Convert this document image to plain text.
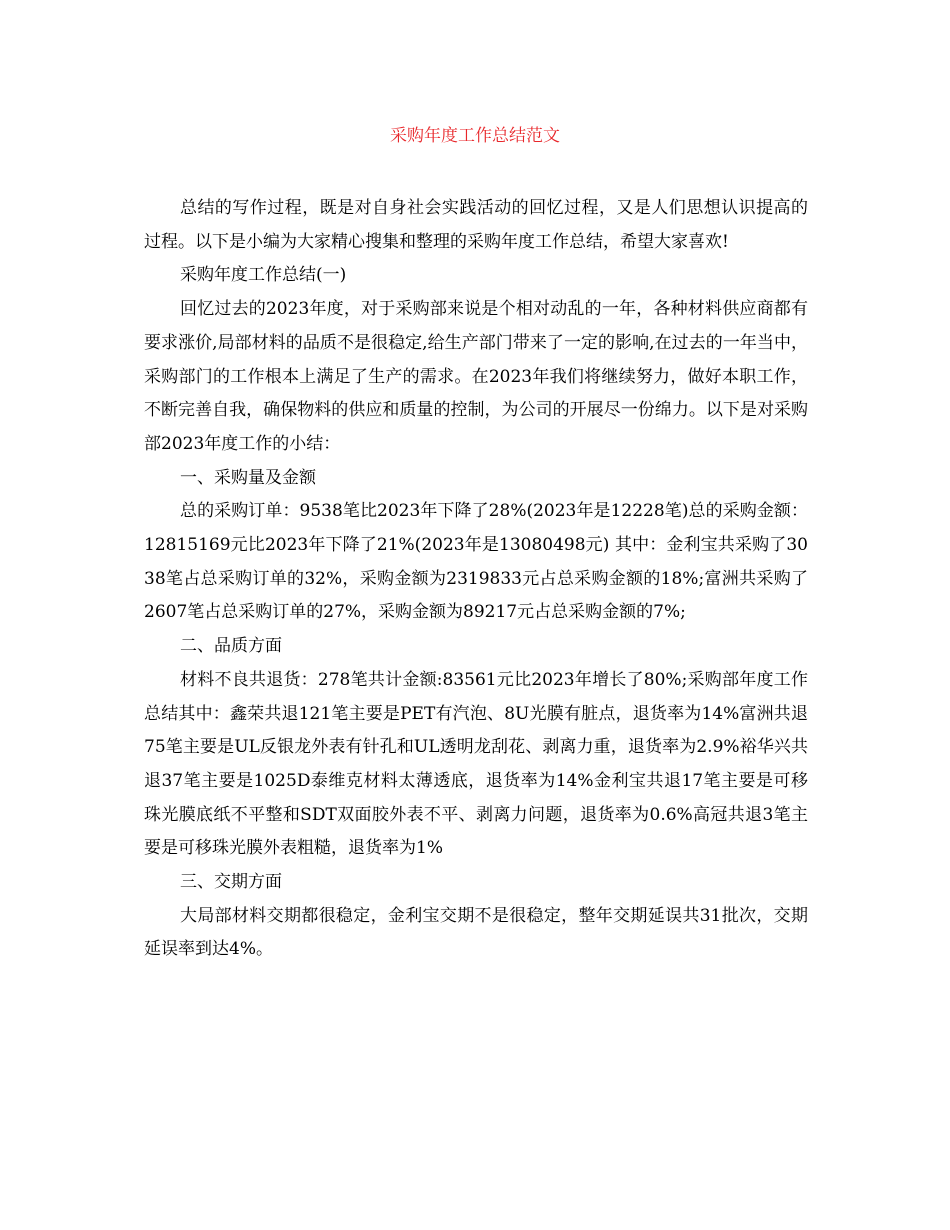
采购年度工作总结范文

总结的写作过程，既是对自身社会实践活动的回忆过程，又是人们思想认识提高的过程。以下是小编为大家精心搜集和整理的采购年度工作总结，希望大家喜欢!

采购年度工作总结(一)

回忆过去的2023年度，对于采购部来说是个相对动乱的一年，各种材料供应商都有要求涨价,局部材料的品质不是很稳定,给生产部门带来了一定的影响,在过去的一年当中，采购部门的工作根本上满足了生产的需求。在2023年我们将继续努力，做好本职工作，不断完善自我，确保物料的供应和质量的控制，为公司的开展尽一份绵力。以下是对采购部2023年度工作的小结：

一、采购量及金额

总的采购订单：9538笔比2023年下降了28%(2023年是12228笔)总的采购金额：12815169元比2023年下降了21%(2023年是13080498元) 其中：金利宝共采购了3038笔占总采购订单的32%，采购金额为2319833元占总采购金额的18%;富洲共采购了2607笔占总采购订单的27%，采购金额为89217元占总采购金额的7%;

二、品质方面

材料不良共退货：278笔共计金额:83561元比2023年增长了80%;采购部年度工作总结其中：鑫荣共退121笔主要是PET有汽泡、8U光膜有脏点，退货率为14%富洲共退75笔主要是UL反银龙外表有针孔和UL透明龙刮花、剥离力重，退货率为2.9%裕华兴共退37笔主要是1025D泰维克材料太薄透底，退货率为14%金利宝共退17笔主要是可移珠光膜底纸不平整和SDT双面胶外表不平、剥离力问题，退货率为0.6%高冠共退3笔主要是可移珠光膜外表粗糙，退货率为1%

三、交期方面

大局部材料交期都很稳定，金利宝交期不是很稳定，整年交期延误共31批次，交期延误率到达4%。
